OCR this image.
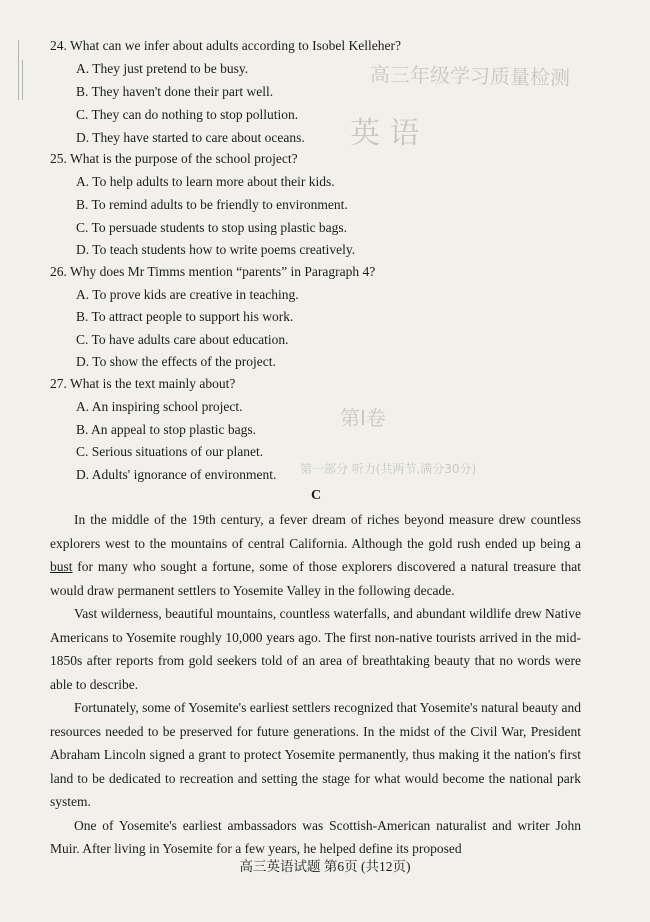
高三年级学习质量检测
英 语
第Ⅰ卷
第一部分 听力(共两节,满分30分)
24. What can we infer about adults according to Isobel Kelleher?
A. They just pretend to be busy.
B. They haven't done their part well.
C. They can do nothing to stop pollution.
D. They have started to care about oceans.
25. What is the purpose of the school project?
A. To help adults to learn more about their kids.
B. To remind adults to be friendly to environment.
C. To persuade students to stop using plastic bags.
D. To teach students how to write poems creatively.
26. Why does Mr Timms mention “parents” in Paragraph 4?
A. To prove kids are creative in teaching.
B. To attract people to support his work.
C. To have adults care about education.
D. To show the effects of the project.
27. What is the text mainly about?
A. An inspiring school project.
B. An appeal to stop plastic bags.
C. Serious situations of our planet.
D. Adults' ignorance of environment.
C

In the middle of the 19th century, a fever dream of riches beyond measure drew countless explorers west to the mountains of central California. Although the gold rush ended up being a bust for many who sought a fortune, some of those explorers discovered a natural treasure that would draw permanent settlers to Yosemite Valley in the following decade.

Vast wilderness, beautiful mountains, countless waterfalls, and abundant wildlife drew Native Americans to Yosemite roughly 10,000 years ago. The first non-native tourists arrived in the mid-1850s after reports from gold seekers told of an area of breathtaking beauty that no words were able to describe.

Fortunately, some of Yosemite's earliest settlers recognized that Yosemite's natural beauty and resources needed to be preserved for future generations. In the midst of the Civil War, President Abraham Lincoln signed a grant to protect Yosemite permanently, thus making it the nation's first land to be dedicated to recreation and setting the stage for what would become the national park system.

One of Yosemite's earliest ambassadors was Scottish-American naturalist and writer John Muir. After living in Yosemite for a few years, he helped define its proposed

高三英语试题 第6页 (共12页)
